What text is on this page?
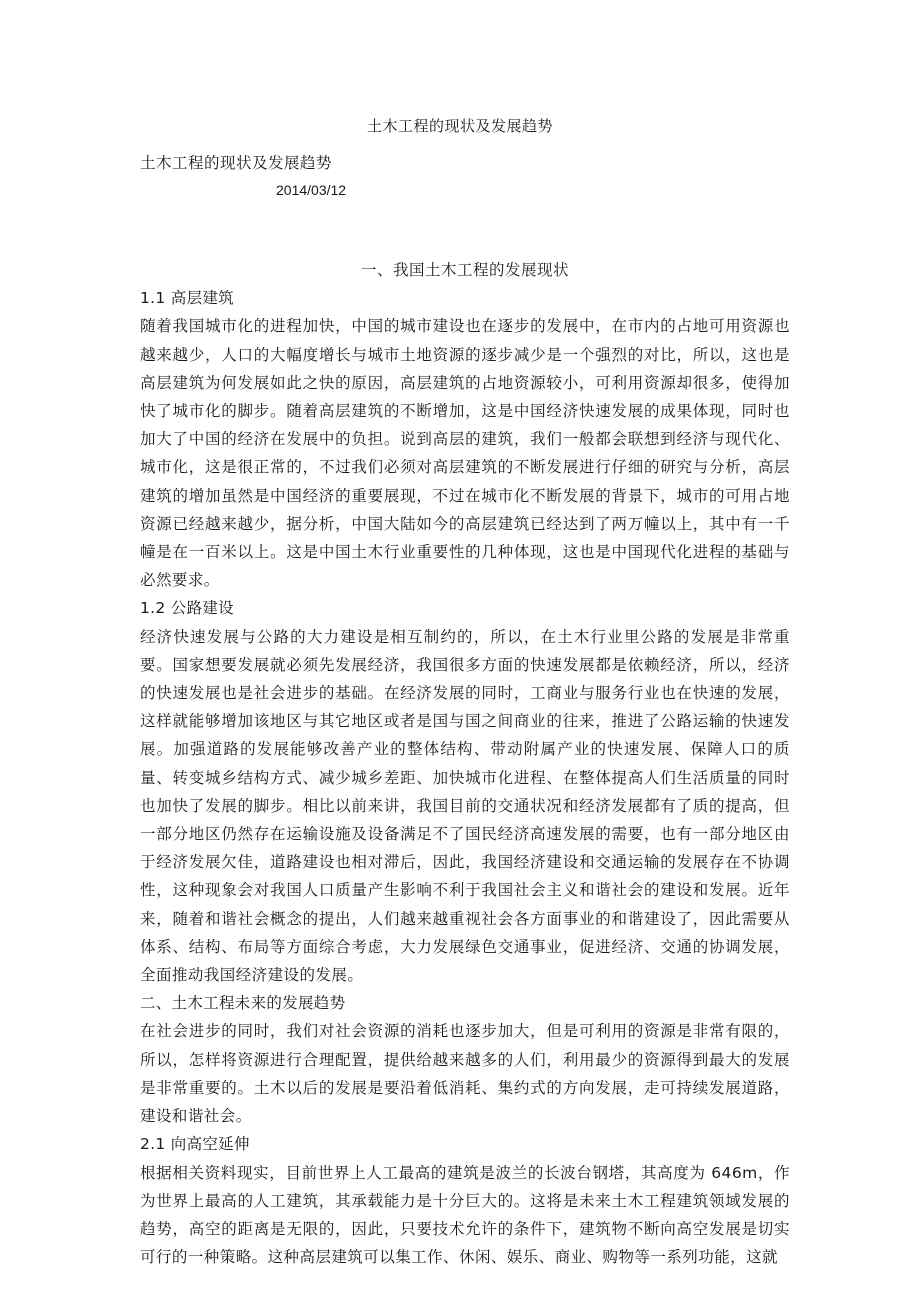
土木工程的现状及发展趋势
土木工程的现状及发展趋势
2014/03/12

一、我国土木工程的发展现状

1.1 高层建筑

随着我国城市化的进程加快，中国的城市建设也在逐步的发展中，在市内的占地可用资源也越来越少，人口的大幅度增长与城市土地资源的逐步减少是一个强烈的对比，所以，这也是高层建筑为何发展如此之快的原因，高层建筑的占地资源较小，可利用资源却很多，使得加快了城市化的脚步。随着高层建筑的不断增加，这是中国经济快速发展的成果体现，同时也加大了中国的经济在发展中的负担。说到高层的建筑，我们一般都会联想到经济与现代化、城市化，这是很正常的，不过我们必须对高层建筑的不断发展进行仔细的研究与分析，高层建筑的增加虽然是中国经济的重要展现，不过在城市化不断发展的背景下，城市的可用占地资源已经越来越少，据分析，中国大陆如今的高层建筑已经达到了两万幢以上，其中有一千幢是在一百米以上。这是中国土木行业重要性的几种体现，这也是中国现代化进程的基础与必然要求。

1.2 公路建设

经济快速发展与公路的大力建设是相互制约的，所以，在土木行业里公路的发展是非常重要。国家想要发展就必须先发展经济，我国很多方面的快速发展都是依赖经济，所以，经济的快速发展也是社会进步的基础。在经济发展的同时，工商业与服务行业也在快速的发展，这样就能够增加该地区与其它地区或者是国与国之间商业的往来，推进了公路运输的快速发展。加强道路的发展能够改善产业的整体结构、带动附属产业的快速发展、保障人口的质量、转变城乡结构方式、减少城乡差距、加快城市化进程、在整体提高人们生活质量的同时也加快了发展的脚步。相比以前来讲，我国目前的交通状况和经济发展都有了质的提高，但一部分地区仍然存在运输设施及设备满足不了国民经济高速发展的需要，也有一部分地区由于经济发展欠佳，道路建设也相对滞后，因此，我国经济建设和交通运输的发展存在不协调性，这种现象会对我国人口质量产生影响不利于我国社会主义和谐社会的建设和发展。近年来，随着和谐社会概念的提出，人们越来越重视社会各方面事业的和谐建设了，因此需要从体系、结构、布局等方面综合考虑，大力发展绿色交通事业，促进经济、交通的协调发展，全面推动我国经济建设的发展。

二、土木工程未来的发展趋势

在社会进步的同时，我们对社会资源的消耗也逐步加大，但是可利用的资源是非常有限的，所以，怎样将资源进行合理配置，提供给越来越多的人们，利用最少的资源得到最大的发展是非常重要的。土木以后的发展是要沿着低消耗、集约式的方向发展，走可持续发展道路，建设和谐社会。

2.1 向高空延伸

根据相关资料现实，目前世界上人工最高的建筑是波兰的长波台钢塔，其高度为 646m，作为世界上最高的人工建筑，其承载能力是十分巨大的。这将是未来土木工程建筑领域发展的趋势，高空的距离是无限的，因此，只要技术允许的条件下，建筑物不断向高空发展是切实可行的一种策略。这种高层建筑可以集工作、休闲、娱乐、商业、购物等一系列功能，这就
